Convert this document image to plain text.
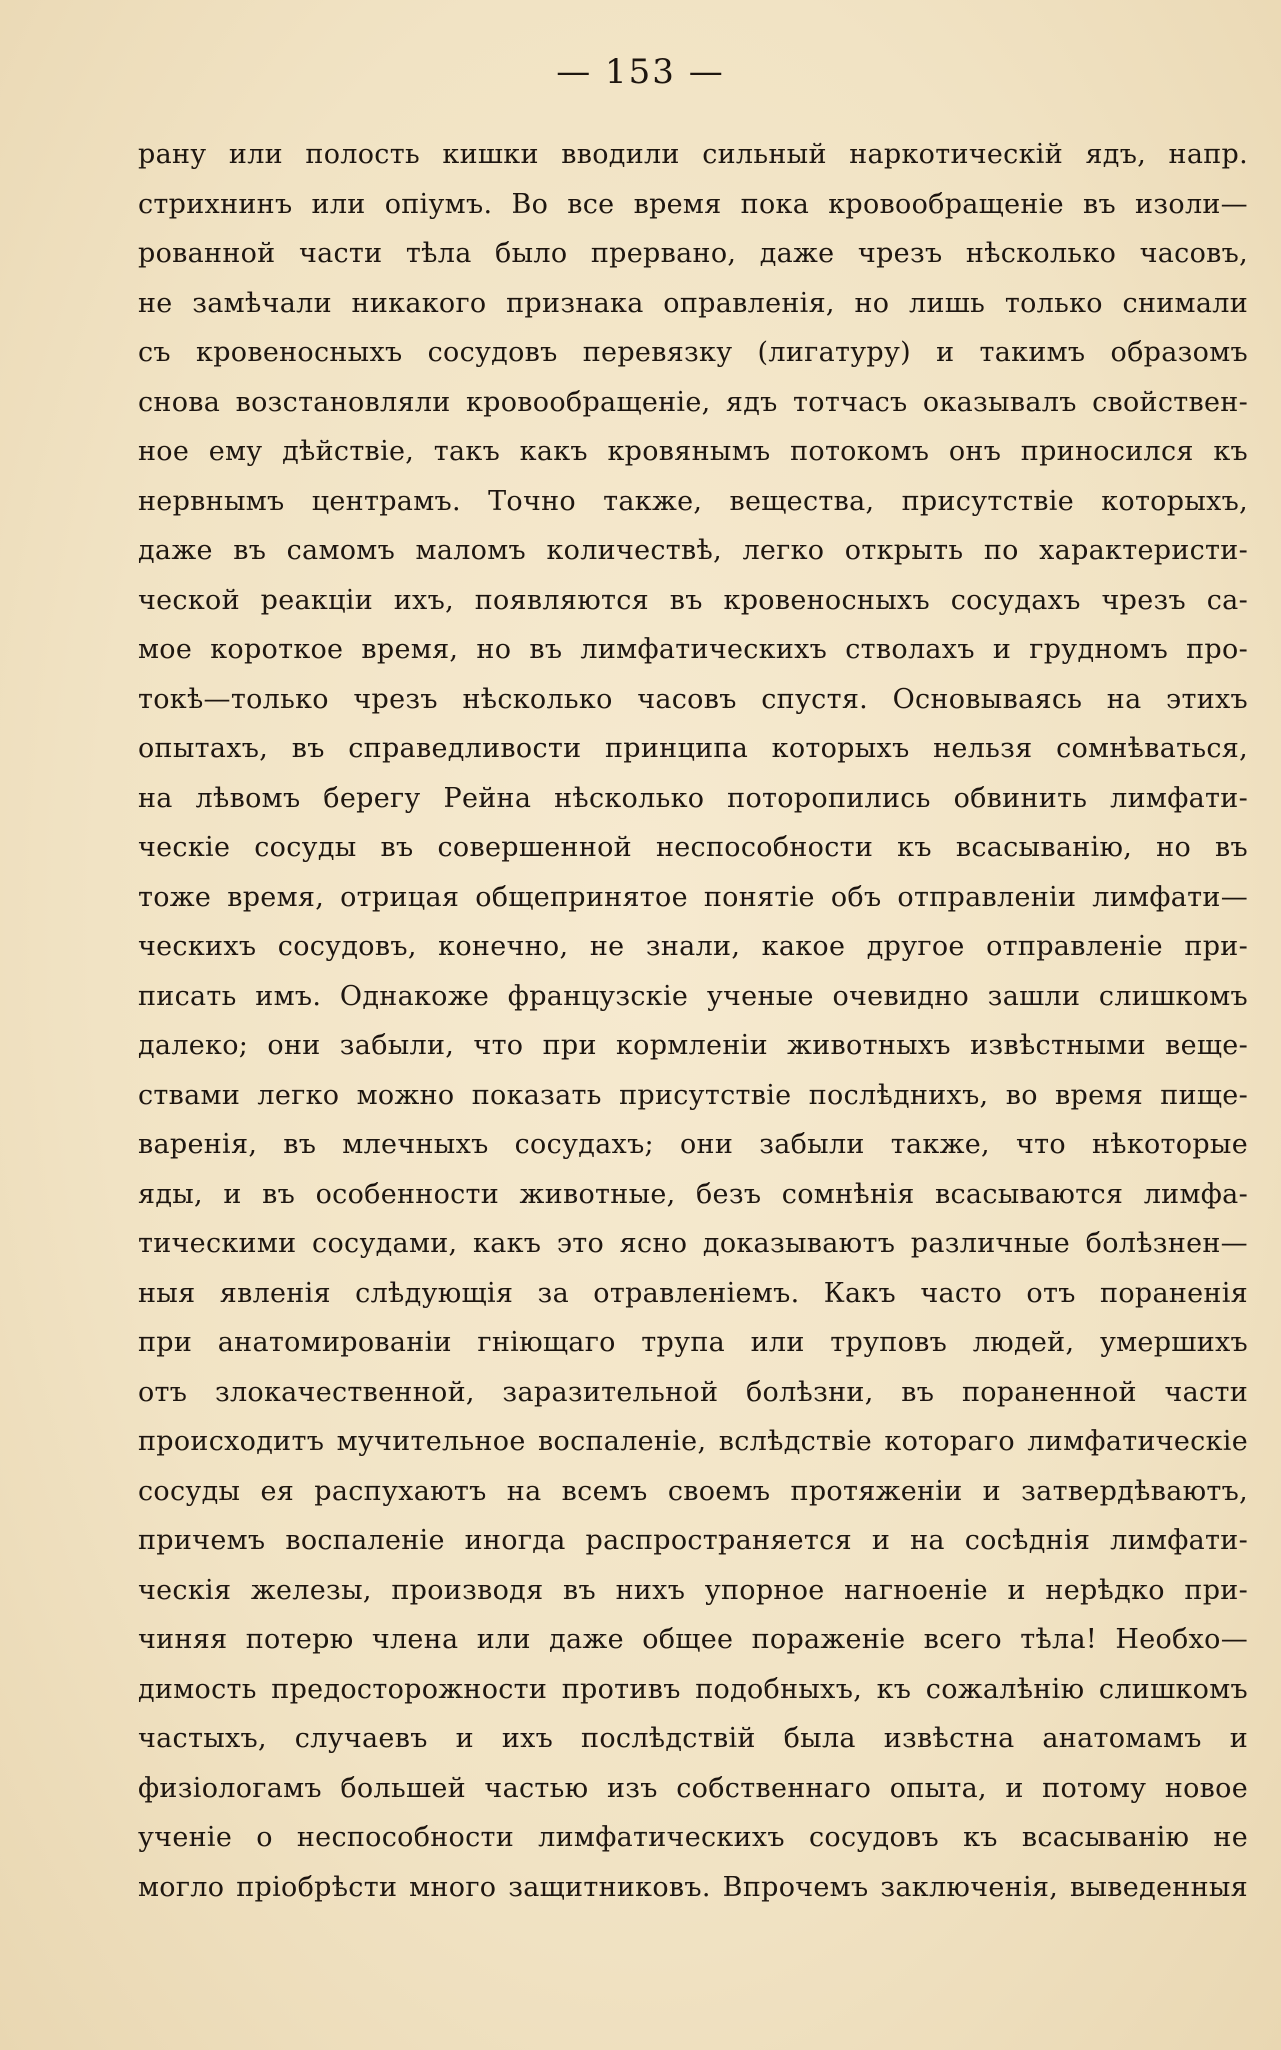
— 153 —
рану или полость кишки вводили сильный наркотическій ядъ, напр.
стрихнинъ или опіумъ. Во все время пока кровообращеніе въ изоли—
рованной части тѣла было прервано, даже чрезъ нѣсколько часовъ,
не замѣчали никакого признака оправленія, но лишь только снимали
съ кровеносныхъ сосудовъ перевязку (лигатуру) и такимъ образомъ
снова возстановляли кровообращеніе, ядъ тотчасъ оказывалъ свойствен-
ное ему дѣйствіе, такъ какъ кровянымъ потокомъ онъ приносился къ
нервнымъ центрамъ. Точно также, вещества, присутствіе которыхъ,
даже въ самомъ маломъ количествѣ, легко открыть по характеристи-
ческой реакціи ихъ, появляются въ кровеносныхъ сосудахъ чрезъ са-
мое короткое время, но въ лимфатическихъ стволахъ и грудномъ про-
токѣ—только чрезъ нѣсколько часовъ спустя. Основываясь на этихъ
опытахъ, въ справедливости принципа которыхъ нельзя сомнѣваться,
на лѣвомъ берегу Рейна нѣсколько поторопились обвинить лимфати-
ческіе сосуды въ совершенной неспособности къ всасыванію, но въ
тоже время, отрицая общепринятое понятіе объ отправленіи лимфати—
ческихъ сосудовъ, конечно, не знали, какое другое отправленіе при-
писать имъ. Однакоже французскіе ученые очевидно зашли слишкомъ
далеко; они забыли, что при кормленіи животныхъ извѣстными веще-
ствами легко можно показать присутствіе послѣднихъ, во время пище-
варенія, въ млечныхъ сосудахъ; они забыли также, что нѣкоторые
яды, и въ особенности животные, безъ сомнѣнія всасываются лимфа-
тическими сосудами, какъ это ясно доказываютъ различные болѣзнен—
ныя явленія слѣдующія за отравленіемъ. Какъ часто отъ пораненія
при анатомированіи гніющаго трупа или труповъ людей, умершихъ
отъ злокачественной, заразительной болѣзни, въ пораненной части
происходитъ мучительное воспаленіе, вслѣдствіе котораго лимфатическіе
сосуды ея распухаютъ на всемъ своемъ протяженіи и затвердѣваютъ,
причемъ воспаленіе иногда распространяется и на сосѣднія лимфати-
ческія железы, производя въ нихъ упорное нагноеніе и нерѣдко при-
чиняя потерю члена или даже общее пораженіе всего тѣла! Необхо—
димость предосторожности противъ подобныхъ, къ сожалѣнію слишкомъ
частыхъ, случаевъ и ихъ послѣдствій была извѣстна анатомамъ и
физіологамъ большей частью изъ собственнаго опыта, и потому новое
ученіе о неспособности лимфатическихъ сосудовъ къ всасыванію не
могло пріобрѣсти много защитниковъ. Впрочемъ заключенія, выведенныя
